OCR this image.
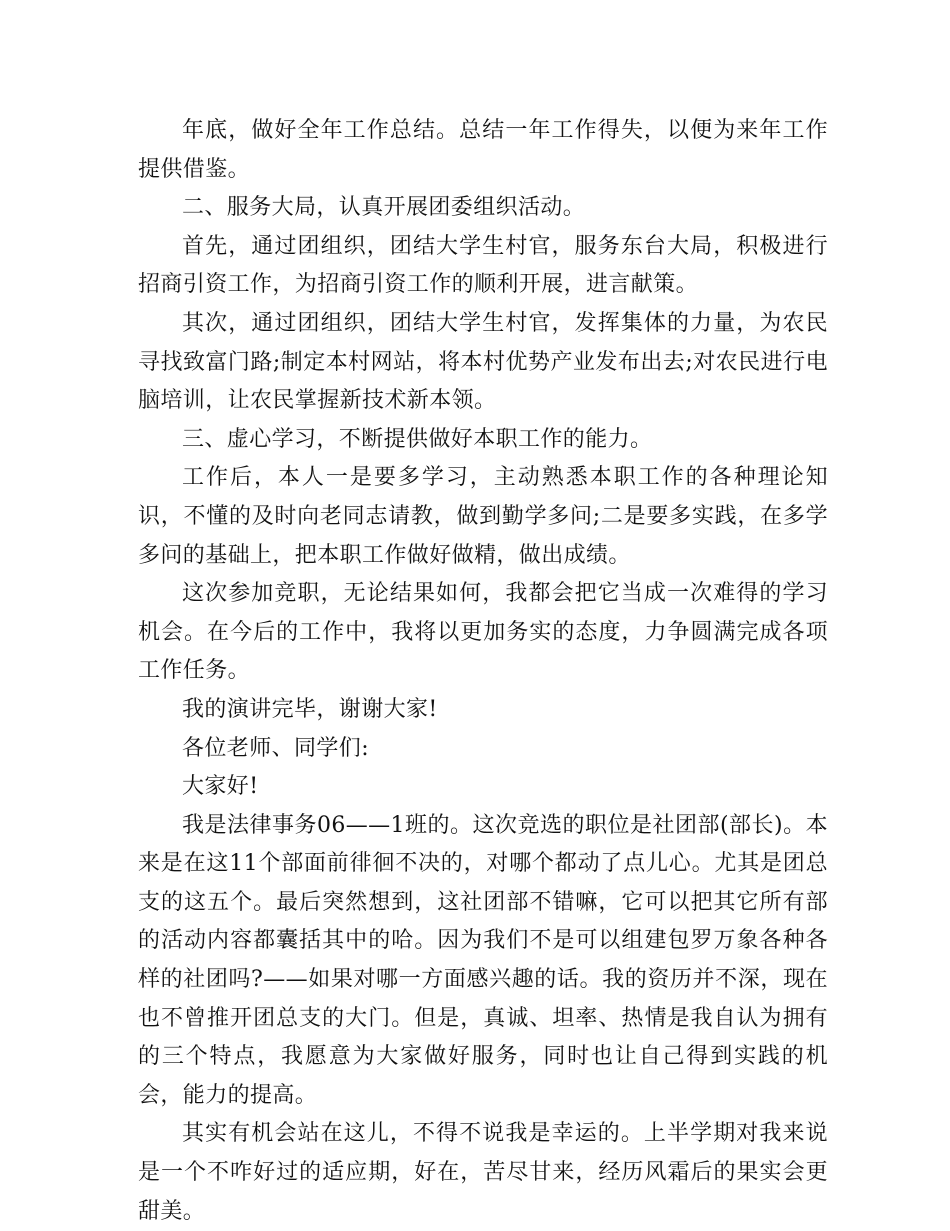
年底，做好全年工作总结。总结一年工作得失，以便为来年工作提供借鉴。

二、服务大局，认真开展团委组织活动。

首先，通过团组织，团结大学生村官，服务东台大局，积极进行招商引资工作，为招商引资工作的顺利开展，进言献策。

其次，通过团组织，团结大学生村官，发挥集体的力量，为农民寻找致富门路;制定本村网站，将本村优势产业发布出去;对农民进行电脑培训，让农民掌握新技术新本领。

三、虚心学习，不断提供做好本职工作的能力。

工作后，本人一是要多学习，主动熟悉本职工作的各种理论知识，不懂的及时向老同志请教，做到勤学多问;二是要多实践，在多学多问的基础上，把本职工作做好做精，做出成绩。

这次参加竞职，无论结果如何，我都会把它当成一次难得的学习机会。在今后的工作中，我将以更加务实的态度，力争圆满完成各项工作任务。

我的演讲完毕，谢谢大家!

各位老师、同学们:

大家好!

我是法律事务06——1班的。这次竞选的职位是社团部(部长)。本来是在这11个部面前徘徊不决的，对哪个都动了点儿心。尤其是团总支的这五个。最后突然想到，这社团部不错嘛，它可以把其它所有部的活动内容都囊括其中的哈。因为我们不是可以组建包罗万象各种各样的社团吗?——如果对哪一方面感兴趣的话。我的资历并不深，现在也不曾推开团总支的大门。但是，真诚、坦率、热情是我自认为拥有的三个特点，我愿意为大家做好服务，同时也让自己得到实践的机会，能力的提高。

其实有机会站在这儿，不得不说我是幸运的。上半学期对我来说是一个不咋好过的适应期，好在，苦尽甘来，经历风霜后的果实会更甜美。
